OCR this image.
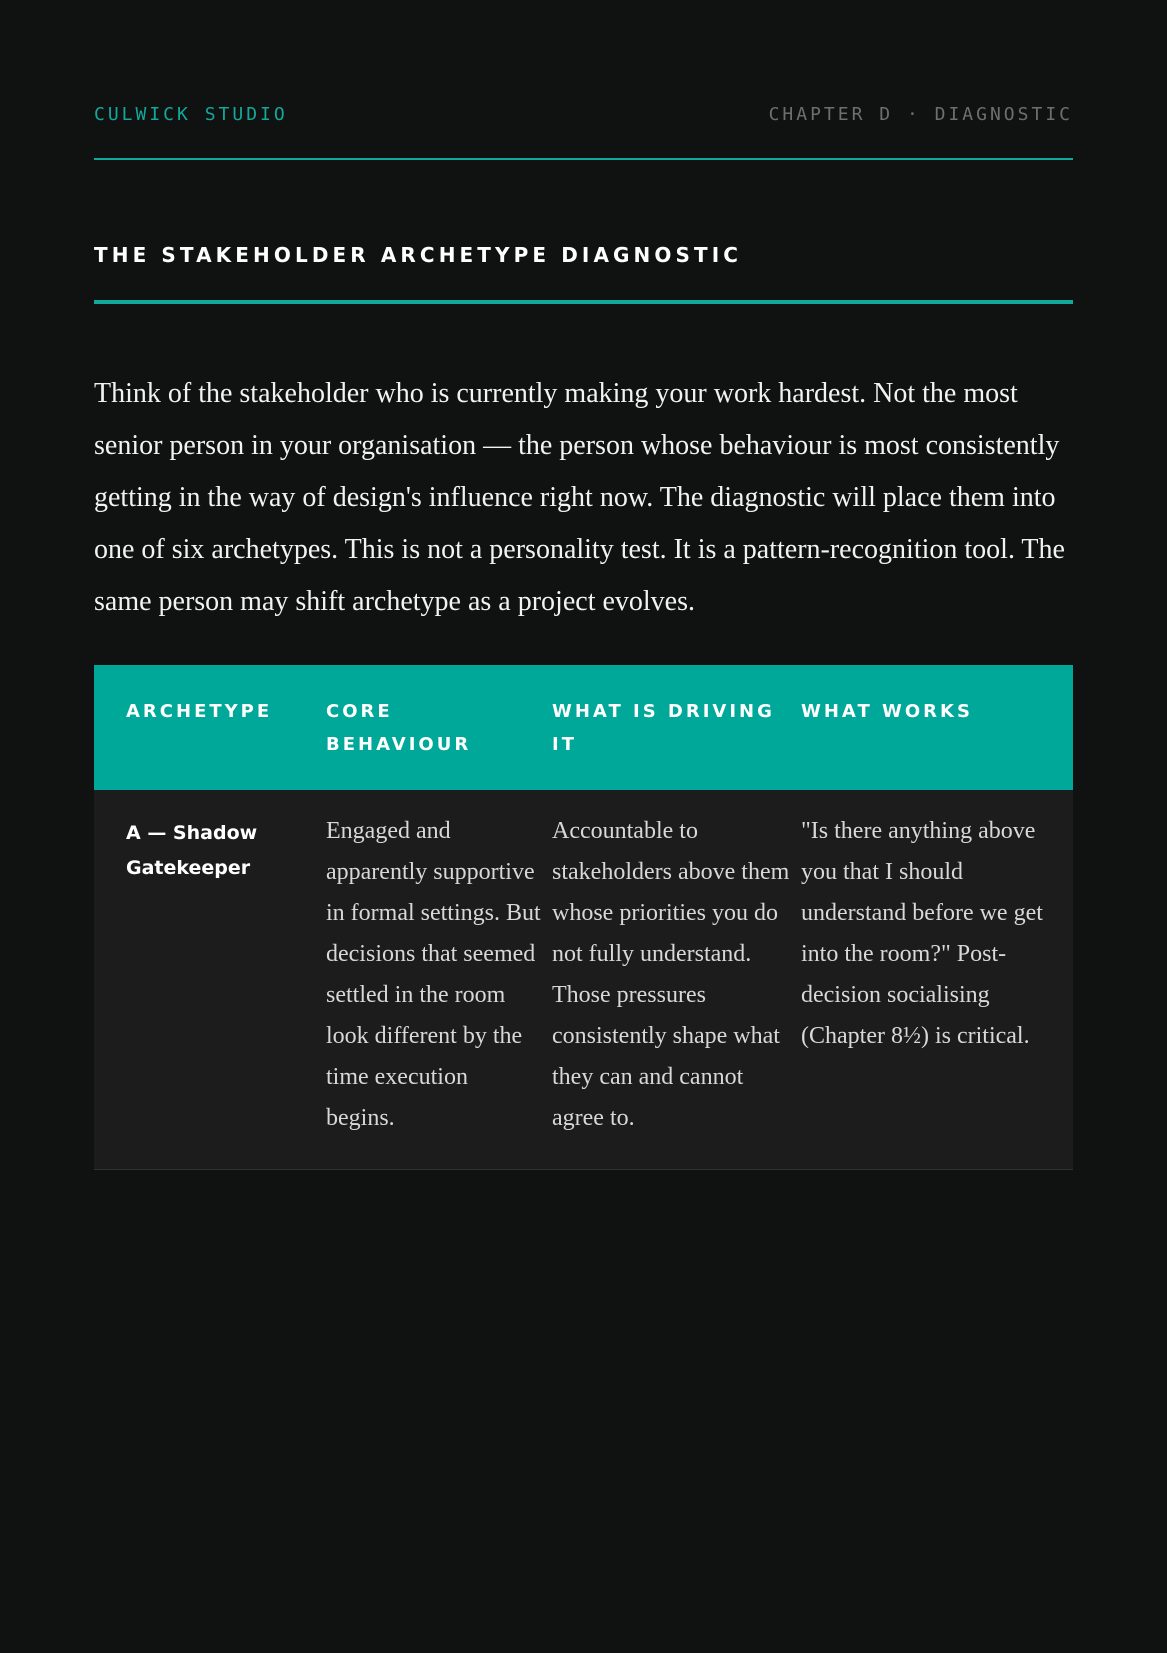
CULWICK STUDIO	CHAPTER D · DIAGNOSTIC
THE STAKEHOLDER ARCHETYPE DIAGNOSTIC

Think of the stakeholder who is currently making your work hardest. Not the most senior person in your organisation — the person whose behaviour is most consistently getting in the way of design's influence right now. The diagnostic will place them into one of six archetypes. This is not a personality test. It is a pattern-recognition tool. The same person may shift archetype as a project evolves.

ARCHETYPE	CORE BEHAVIOUR	WHAT IS DRIVING IT	WHAT WORKS
A — Shadow Gatekeeper	Engaged and apparently supportive in formal settings. But decisions that seemed settled in the room look different by the time execution begins.	Accountable to stakeholders above them whose priorities you do not fully understand. Those pressures consistently shape what they can and cannot agree to.	"Is there anything above you that I should understand before we get into the room?" Post-decision socialising (Chapter 8½) is critical.
